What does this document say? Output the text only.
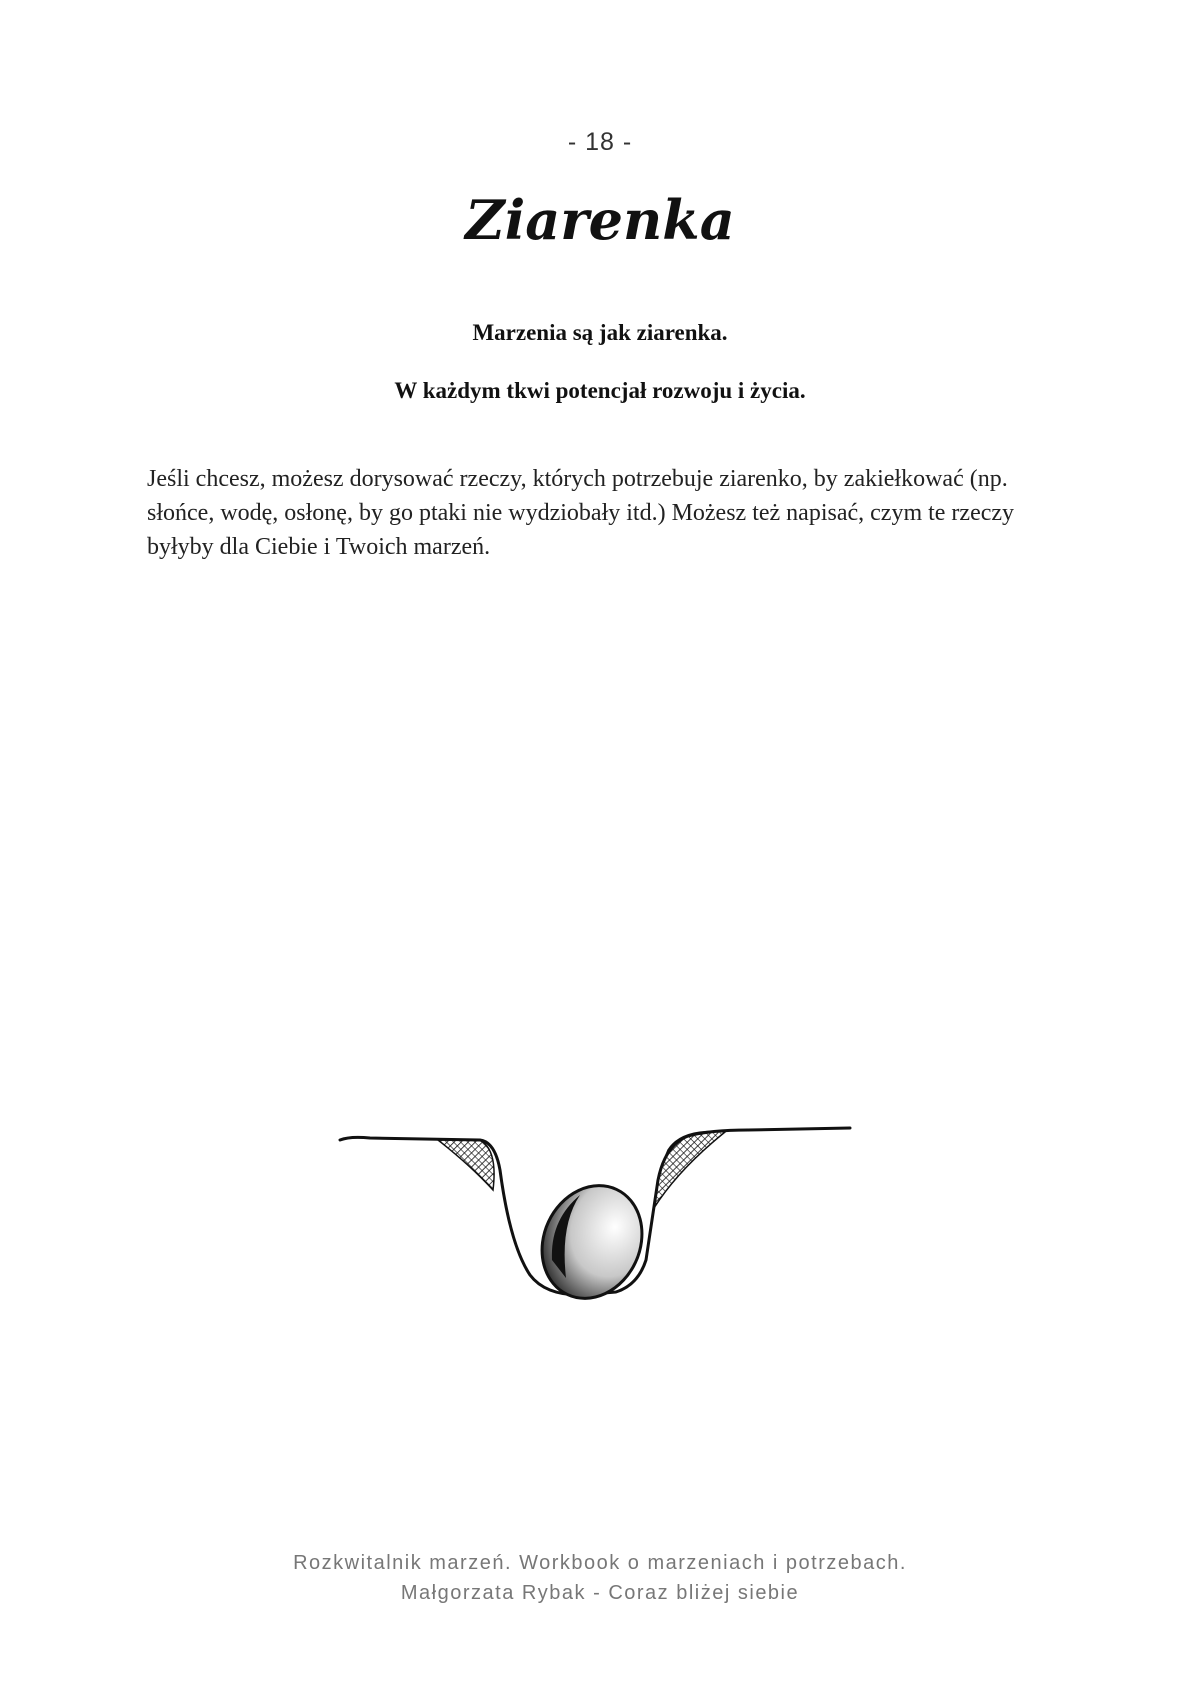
- 18 -
Ziarenka
Marzenia są jak ziarenka.
W każdym tkwi potencjał rozwoju i życia.
Jeśli chcesz, możesz dorysować rzeczy, których potrzebuje ziarenko, by zakiełkować (np. słońce, wodę, osłonę, by go ptaki nie wydziobały itd.) Możesz też napisać, czym te rzeczy byłyby dla Ciebie i Twoich marzeń.
Rozkwitalnik marzeń. Workbook o marzeniach i potrzebach.
Małgorzata Rybak - Coraz bliżej siebie
